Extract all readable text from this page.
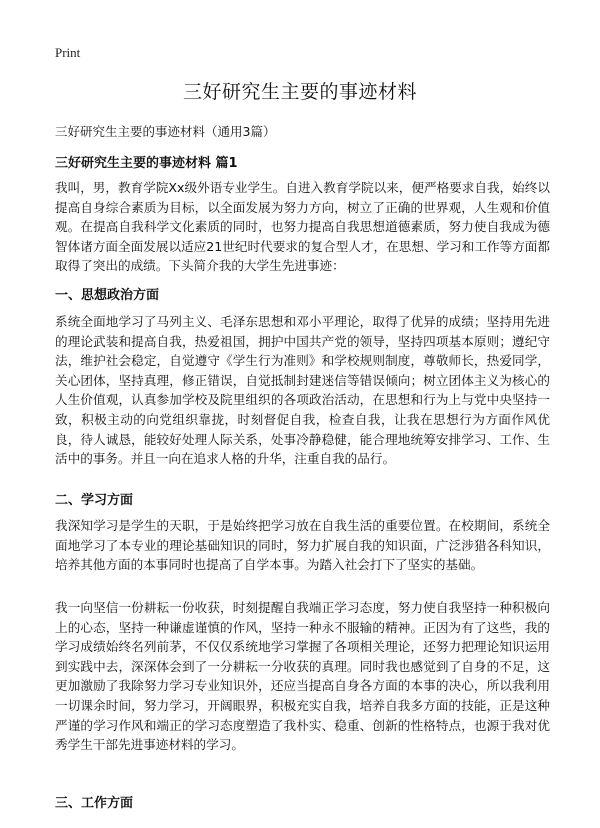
Print
三好研究生主要的事迹材料
三好研究生主要的事迹材料（通用3篇）
三好研究生主要的事迹材料 篇1

我叫，男，教育学院Xx级外语专业学生。自进入教育学院以来，便严格要求自我，始终以提高自身综合素质为目标，以全面发展为努力方向，树立了正确的世界观，人生观和价值观。在提高自我科学文化素质的同时，也努力提高自我思想道德素质，努力使自我成为德智体诸方面全面发展以适应21世纪时代要求的复合型人才，在思想、学习和工作等方面都取得了突出的成绩。下头简介我的大学生先进事迹：

一、思想政治方面

系统全面地学习了马列主义、毛泽东思想和邓小平理论，取得了优异的成绩；坚持用先进的理论武装和提高自我，热爱祖国，拥护中国共产党的领导，坚持四项基本原则；遵纪守法，维护社会稳定，自觉遵守《学生行为准则》和学校规则制度，尊敬师长，热爱同学，关心团体，坚持真理，修正错误，自觉抵制封建迷信等错误倾向；树立团体主义为核心的人生价值观，认真参加学校及院里组织的各项政治活动，在思想和行为上与党中央坚持一致，积极主动的向党组织靠拢，时刻督促自我，检查自我，让我在思想行为方面作风优良，待人诚恳，能较好处理人际关系，处事冷静稳健，能合理地统筹安排学习、工作、生活中的事务。并且一向在追求人格的升华，注重自我的品行。

二、学习方面

我深知学习是学生的天职，于是始终把学习放在自我生活的重要位置。在校期间，系统全面地学习了本专业的理论基础知识的同时，努力扩展自我的知识面，广泛涉猎各科知识，培养其他方面的本事同时也提高了自学本事。为踏入社会打下了坚实的基础。

我一向坚信一份耕耘一份收获，时刻提醒自我端正学习态度，努力使自我坚持一种积极向上的心态，坚持一种谦虚谨慎的作风，坚持一种永不服输的精神。正因为有了这些，我的学习成绩始终名列前茅，不仅仅系统地学习掌握了各项相关理论，还努力把理论知识运用到实践中去，深深体会到了一分耕耘一分收获的真理。同时我也感觉到了自身的不足，这更加激励了我除努力学习专业知识外，还应当提高自身各方面的本事的决心，所以我利用一切课余时间，努力学习，开阔眼界，积极充实自我，培养自我多方面的技能，正是这种严谨的学习作风和端正的学习态度塑造了我朴实、稳重、创新的性格特点，也源于我对优秀学生干部先进事迹材料的学习。

三、工作方面
